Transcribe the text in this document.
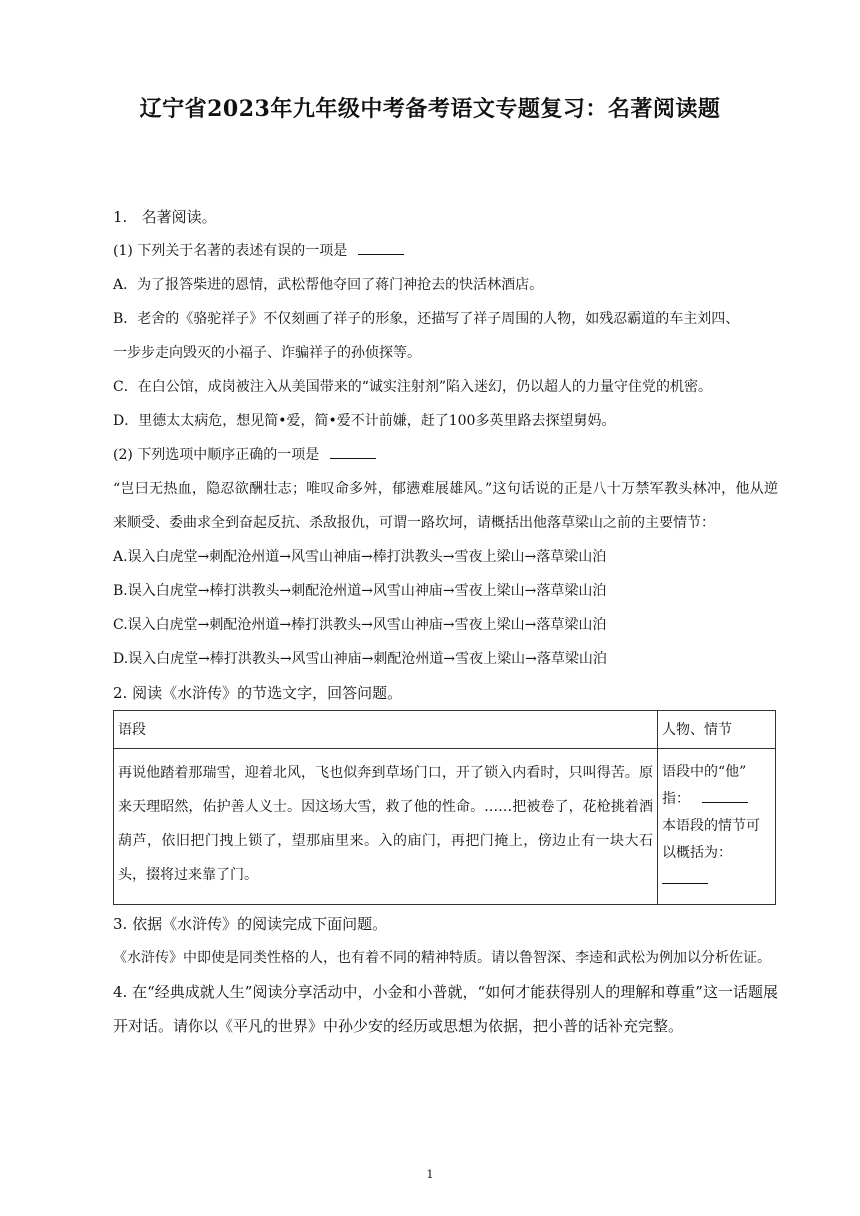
辽宁省2023年九年级中考备考语文专题复习：名著阅读题
1. 名著阅读。
(1) 下列关于名著的表述有误的一项是
A．为了报答柴进的恩情，武松帮他夺回了蒋门神抢去的快活林酒店。
B．老舍的《骆驼祥子》不仅刻画了祥子的形象，还描写了祥子周围的人物，如残忍霸道的车主刘四、
一步步走向毁灭的小福子、诈骗祥子的孙侦探等。
C．在白公馆，成岗被注入从美国带来的“诚实注射剂”陷入迷幻，仍以超人的力量守住党的机密。
D．里德太太病危，想见简•爱，简•爱不计前嫌，赶了100多英里路去探望舅妈。
(2) 下列选项中顺序正确的一项是
“岂曰无热血，隐忍欲酬壮志；唯叹命多舛，郁懑难展雄风。”这句话说的正是八十万禁军教头林冲，他从逆来顺受、委曲求全到奋起反抗、杀敌报仇，可谓一路坎坷，请概括出他落草梁山之前的主要情节：
A.误入白虎堂→刺配沧州道→风雪山神庙→棒打洪教头→雪夜上梁山→落草梁山泊
B.误入白虎堂→棒打洪教头→刺配沧州道→风雪山神庙→雪夜上梁山→落草梁山泊
C.误入白虎堂→刺配沧州道→棒打洪教头→风雪山神庙→雪夜上梁山→落草梁山泊
D.误入白虎堂→棒打洪教头→风雪山神庙→刺配沧州道→雪夜上梁山→落草梁山泊
2. 阅读《水浒传》的节选文字，回答问题。
语段	人物、情节
再说他踏着那瑞雪，迎着北风，飞也似奔到草场门口，开了锁入内看时，只叫得苦。原来天理昭然，佑护善人义士。因这场大雪，救了他的性命。……把被卷了，花枪挑着酒葫芦，依旧把门拽上锁了，望那庙里来。入的庙门，再把门掩上，傍边止有一块大石头，掇将过来靠了门。	语段中的“他”
指：
本语段的情节可
以概括为：
3. 依据《水浒传》的阅读完成下面问题。
《水浒传》中即使是同类性格的人，也有着不同的精神特质。请以鲁智深、李逵和武松为例加以分析佐证。
4. 在“经典成就人生”阅读分享活动中，小金和小普就，“如何才能获得别人的理解和尊重”这一话题展开对话。请你以《平凡的世界》中孙少安的经历或思想为依据，把小普的话补充完整。
1
